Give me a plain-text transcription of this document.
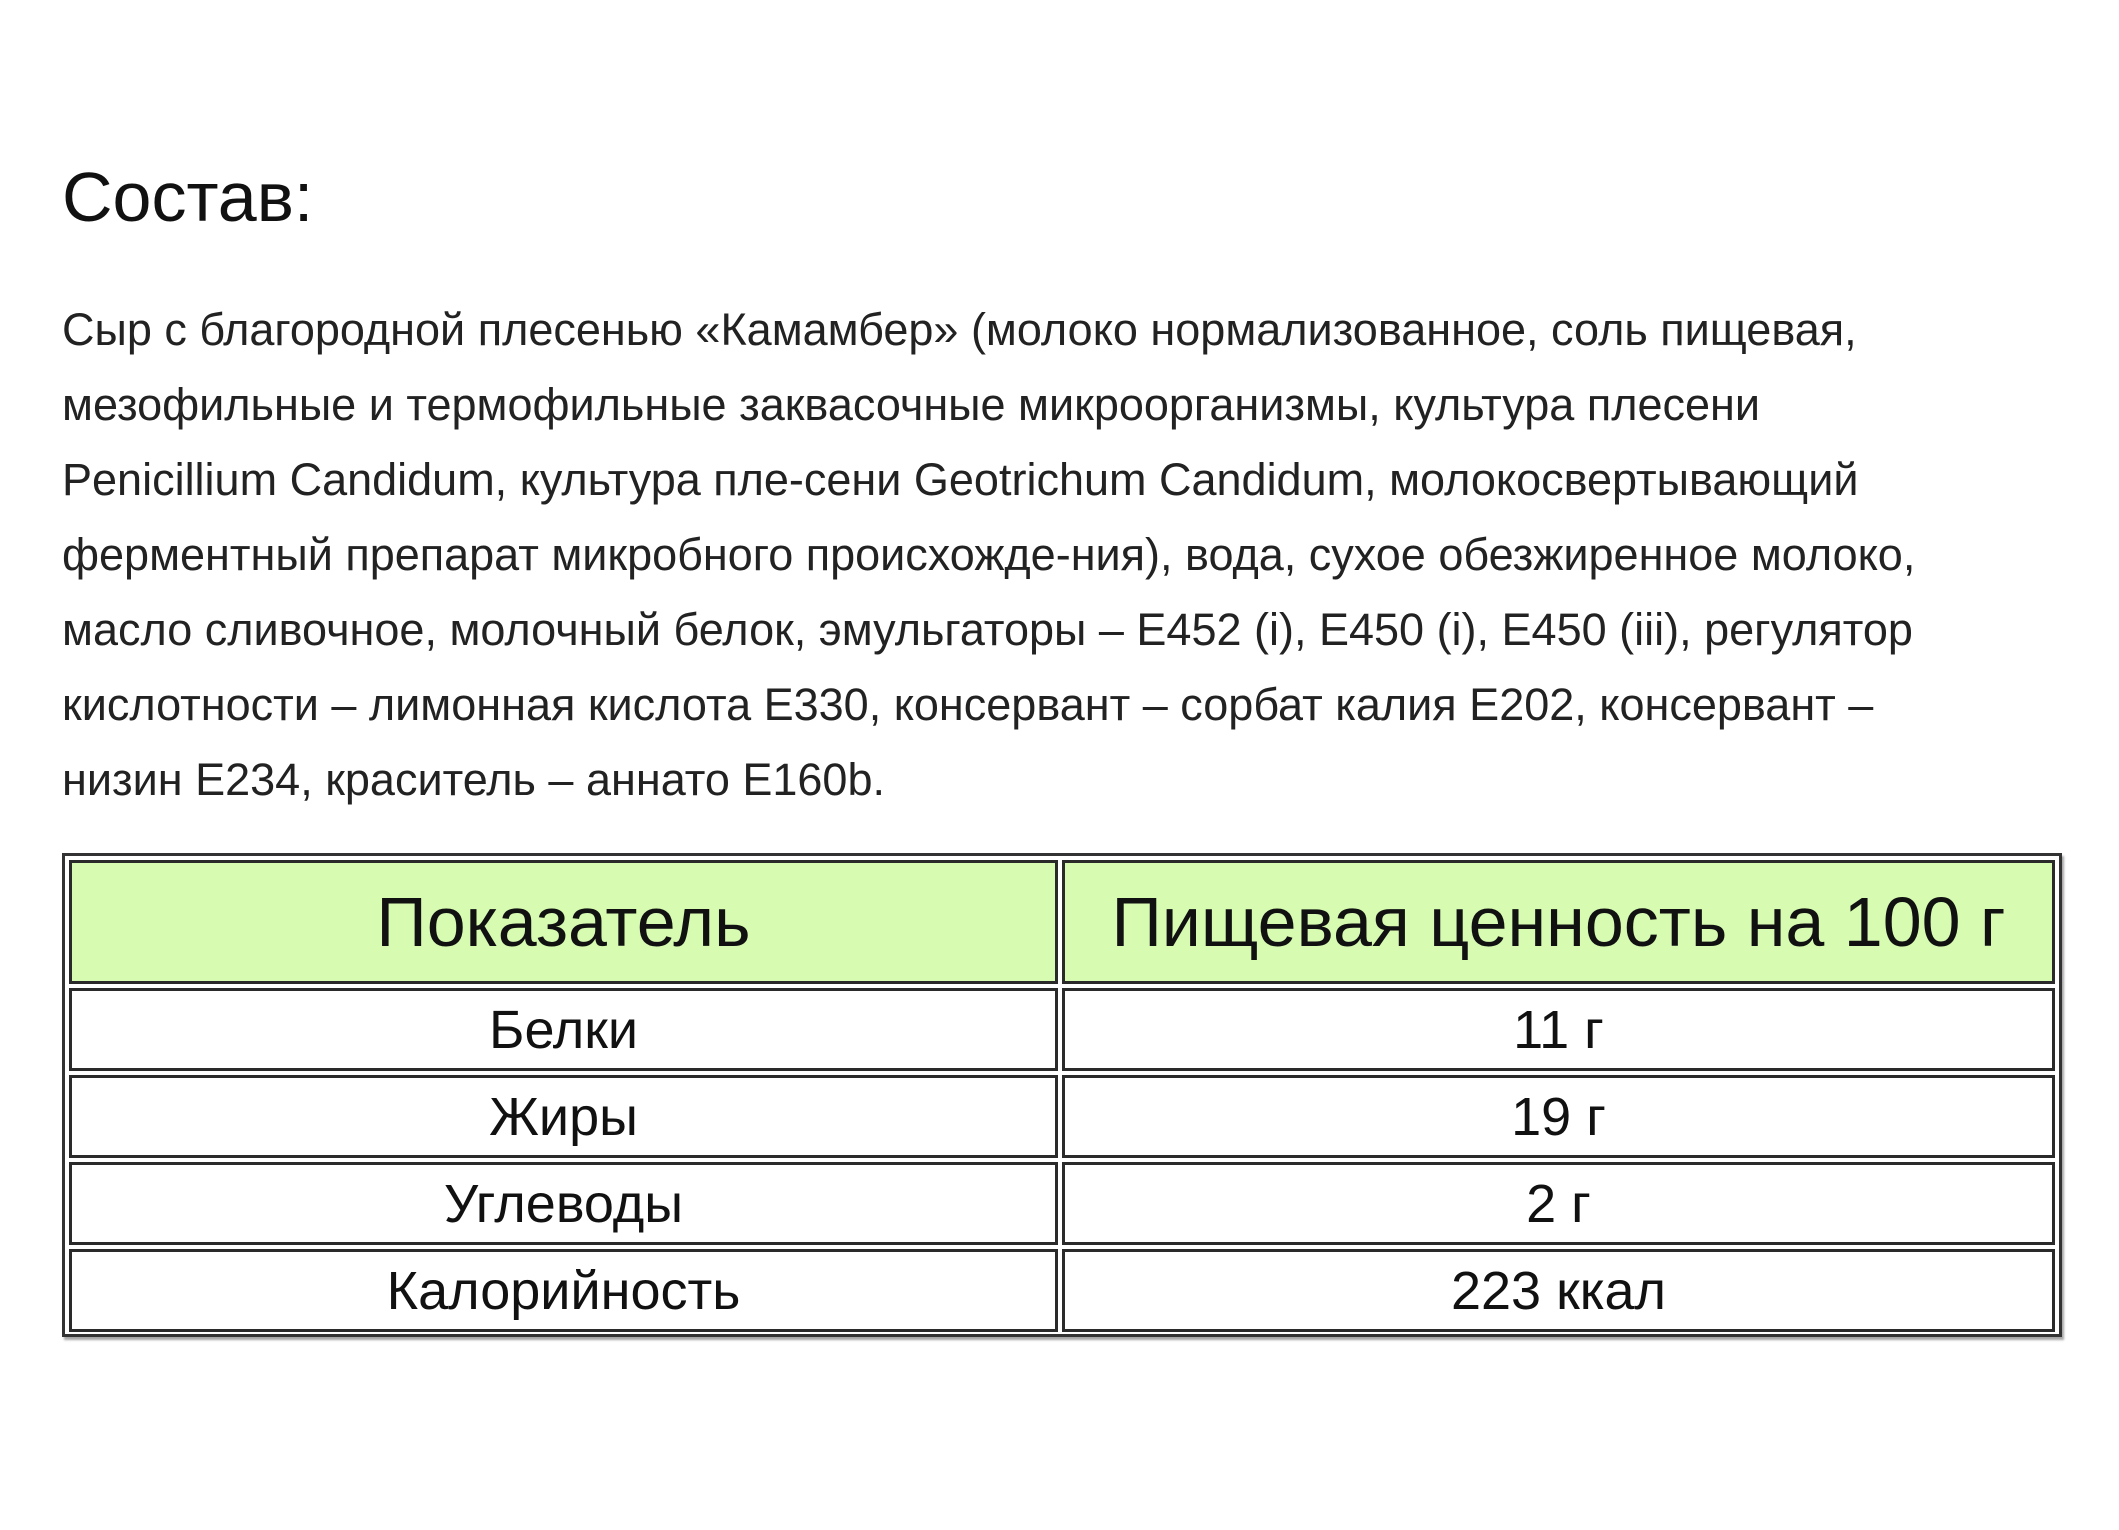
Состав:

Сыр с благородной плесенью «Камамбер» (молоко нормализованное, соль пищевая,
мезофильные и термофильные заквасочные микроорганизмы, культура плесени
Penicillium Candidum, культура пле-сени Geotrichum Candidum, молокосвертывающий
ферментный препарат микробного происхожде-ния), вода, сухое обезжиренное молоко,
масло сливочное, молочный белок, эмульгаторы – Е452 (i), Е450 (i), Е450 (iii), регулятор
кислотности – лимонная кислота Е330, консервант – сорбат калия Е202, консервант –
низин Е234, краситель – аннато Е160b.

Показатель	Пищевая ценность на 100 г
Белки	11 г
Жиры	19 г
Углеводы	2 г
Калорийность	223 ккал
